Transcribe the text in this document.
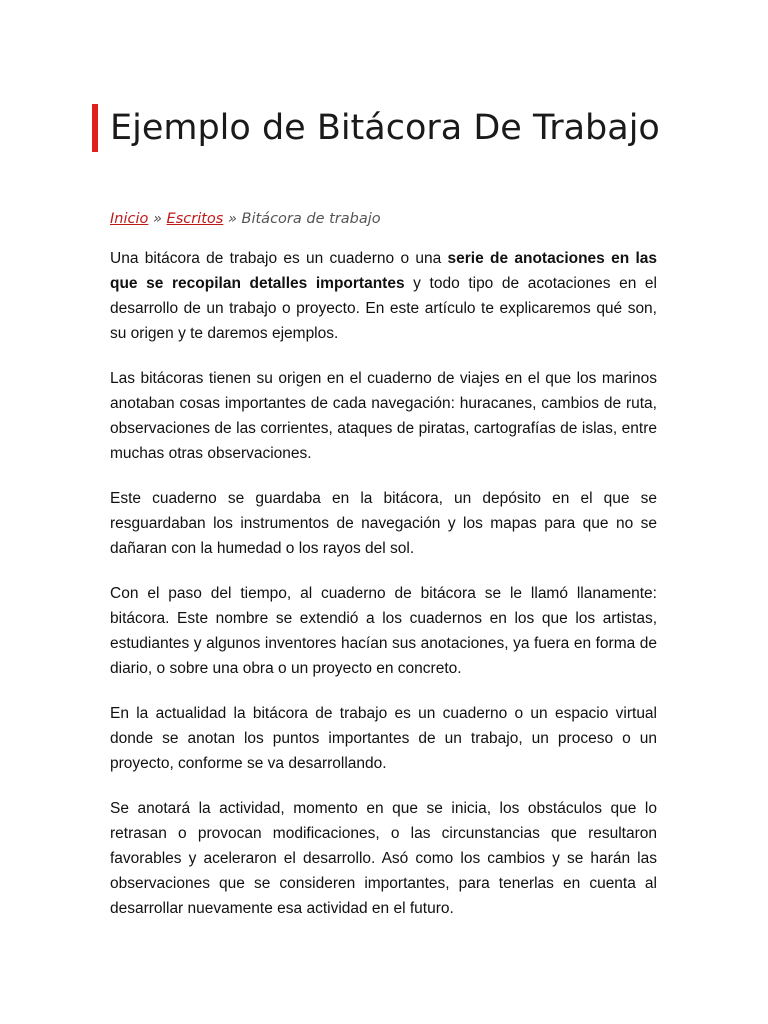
Ejemplo de Bitácora De Trabajo
Inicio » Escritos » Bitácora de trabajo

Una bitácora de trabajo es un cuaderno o una serie de anotaciones en las que se recopilan detalles importantes y todo tipo de acotaciones en el desarrollo de un trabajo o proyecto. En este artículo te explicaremos qué son, su origen y te daremos ejemplos.

Las bitácoras tienen su origen en el cuaderno de viajes en el que los marinos anotaban cosas importantes de cada navegación: huracanes, cambios de ruta, observaciones de las corrientes, ataques de piratas, cartografías de islas, entre muchas otras observaciones.

Este cuaderno se guardaba en la bitácora, un depósito en el que se resguardaban los instrumentos de navegación y los mapas para que no se dañaran con la humedad o los rayos del sol.

Con el paso del tiempo, al cuaderno de bitácora se le llamó llanamente: bitácora. Este nombre se extendió a los cuadernos en los que los artistas, estudiantes y algunos inventores hacían sus anotaciones, ya fuera en forma de diario, o sobre una obra o un proyecto en concreto.

En la actualidad la bitácora de trabajo es un cuaderno o un espacio virtual donde se anotan los puntos importantes de un trabajo, un proceso o un proyecto, conforme se va desarrollando.

Se anotará la actividad, momento en que se inicia, los obstáculos que lo retrasan o provocan modificaciones, o las circunstancias que resultaron favorables y aceleraron el desarrollo. Asó como los cambios y se harán las observaciones que se consideren importantes, para tenerlas en cuenta al desarrollar nuevamente esa actividad en el futuro.
